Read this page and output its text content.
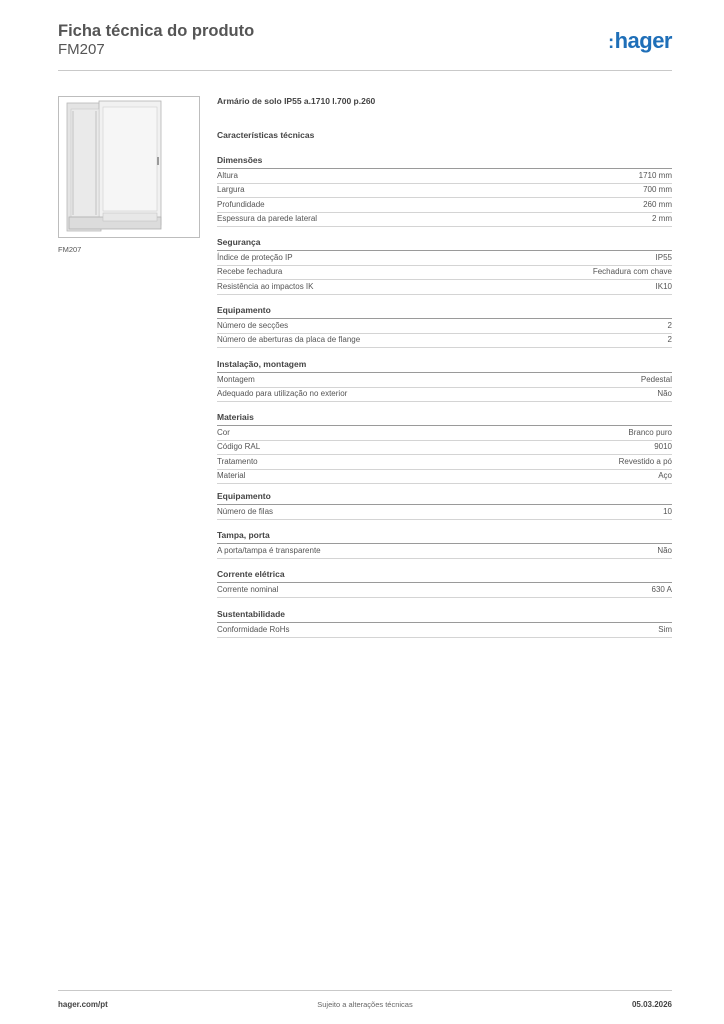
Ficha técnica do produto
FM207	:hager
FM207
Armário de solo IP55 a.1710 l.700 p.260
Características técnicas
Dimensões
Altura	1710 mm
Largura	700 mm
Profundidade	260 mm
Espessura da parede lateral	2 mm
Segurança
Índice de proteção IP	IP55
Recebe fechadura	Fechadura com chave
Resistência ao impactos IK	IK10
Equipamento
Número de secções	2
Número de aberturas da placa de flange	2
Instalação, montagem
Montagem	Pedestal
Adequado para utilização no exterior	Não
Materiais
Cor	Branco puro
Código RAL	9010
Tratamento	Revestido a pó
Material	Aço
Equipamento
Número de filas	10
Tampa, porta
A porta/tampa é transparente	Não
Corrente elétrica
Corrente nominal	630 A
Sustentabilidade
Conformidade RoHs	Sim
hager.com/pt	Sujeito a alterações técnicas	05.03.2026
